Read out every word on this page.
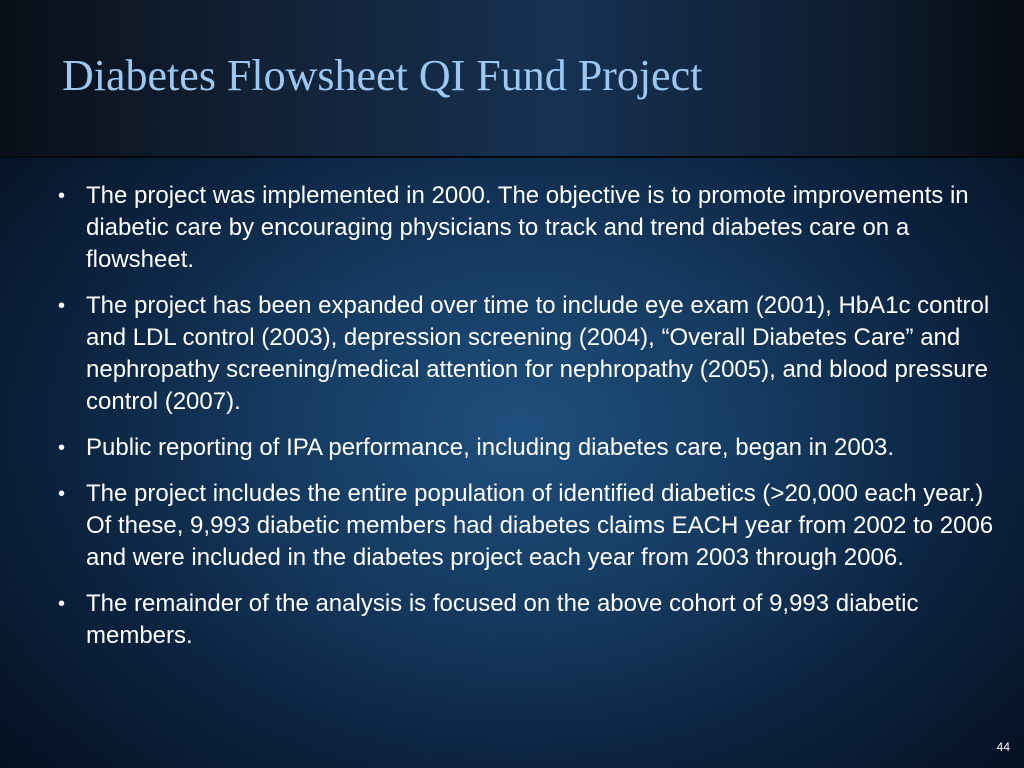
Diabetes Flowsheet QI Fund Project
• The project was implemented in 2000. The objective is to promote improvements in diabetic care by encouraging physicians to track and trend diabetes care on a flowsheet.
• The project has been expanded over time to include eye exam (2001), HbA1c control and LDL control (2003), depression screening (2004), “Overall Diabetes Care” and nephropathy screening/medical attention for nephropathy (2005), and blood pressure control (2007).
• Public reporting of IPA performance, including diabetes care, began in 2003.
• The project includes the entire population of identified diabetics (>20,000 each year.) Of these, 9,993 diabetic members had diabetes claims EACH year from 2002 to 2006 and were included in the diabetes project each year from 2003 through 2006.
• The remainder of the analysis is focused on the above cohort of 9,993 diabetic members.
44
